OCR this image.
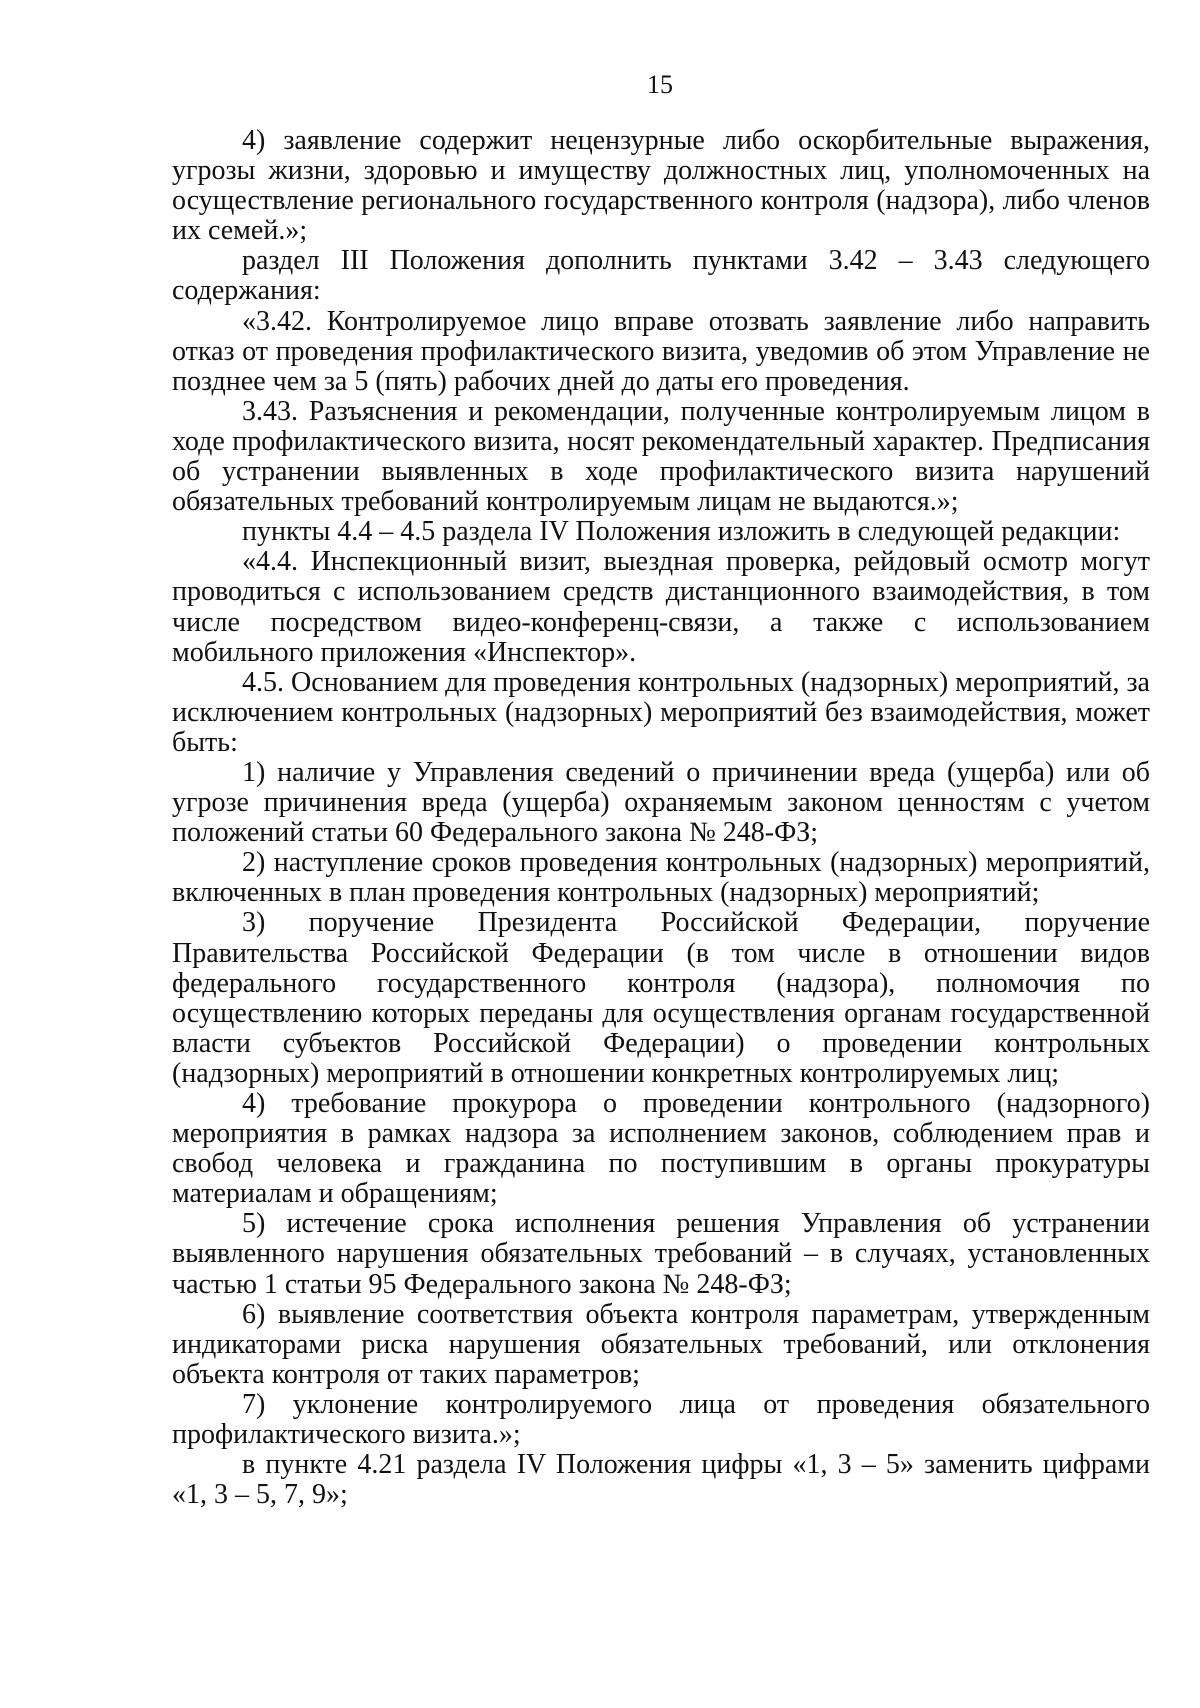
15

4) заявление содержит нецензурные либо оскорбительные выражения, угрозы жизни, здоровью и имуществу должностных лиц, уполномоченных на осуществление регионального государственного контроля (надзора), либо членов их семей.»;

раздел III Положения дополнить пунктами 3.42 – 3.43 следующего содержания:

«3.42. Контролируемое лицо вправе отозвать заявление либо направить отказ от проведения профилактического визита, уведомив об этом Управление не позднее чем за 5 (пять) рабочих дней до даты его проведения.

3.43. Разъяснения и рекомендации, полученные контролируемым лицом в ходе профилактического визита, носят рекомендательный характер. Предписания об устранении выявленных в ходе профилактического визита нарушений обязательных требований контролируемым лицам не выдаются.»;

пункты 4.4 – 4.5 раздела IV Положения изложить в следующей редакции:

«4.4. Инспекционный визит, выездная проверка, рейдовый осмотр могут проводиться с использованием средств дистанционного взаимодействия, в том числе посредством видео-конференц-связи, а также с использованием мобильного приложения «Инспектор».

4.5. Основанием для проведения контрольных (надзорных) мероприятий, за исключением контрольных (надзорных) мероприятий без взаимодействия, может быть:

1) наличие у Управления сведений о причинении вреда (ущерба) или об угрозе причинения вреда (ущерба) охраняемым законом ценностям с учетом положений статьи 60 Федерального закона № 248-ФЗ;

2) наступление сроков проведения контрольных (надзорных) мероприятий, включенных в план проведения контрольных (надзорных) мероприятий;

3) поручение Президента Российской Федерации, поручение Правительства Российской Федерации (в том числе в отношении видов федерального государственного контроля (надзора), полномочия по осуществлению которых переданы для осуществления органам государственной власти субъектов Российской Федерации) о проведении контрольных (надзорных) мероприятий в отношении конкретных контролируемых лиц;

4) требование прокурора о проведении контрольного (надзорного) мероприятия в рамках надзора за исполнением законов, соблюдением прав и свобод человека и гражданина по поступившим в органы прокуратуры материалам и обращениям;

5) истечение срока исполнения решения Управления об устранении выявленного нарушения обязательных требований – в случаях, установленных частью 1 статьи 95 Федерального закона № 248-ФЗ;

6) выявление соответствия объекта контроля параметрам, утвержденным индикаторами риска нарушения обязательных требований, или отклонения объекта контроля от таких параметров;

7) уклонение контролируемого лица от проведения обязательного профилактического визита.»;

в пункте 4.21 раздела IV Положения цифры «1, 3 – 5» заменить цифрами «1, 3 – 5, 7, 9»;
